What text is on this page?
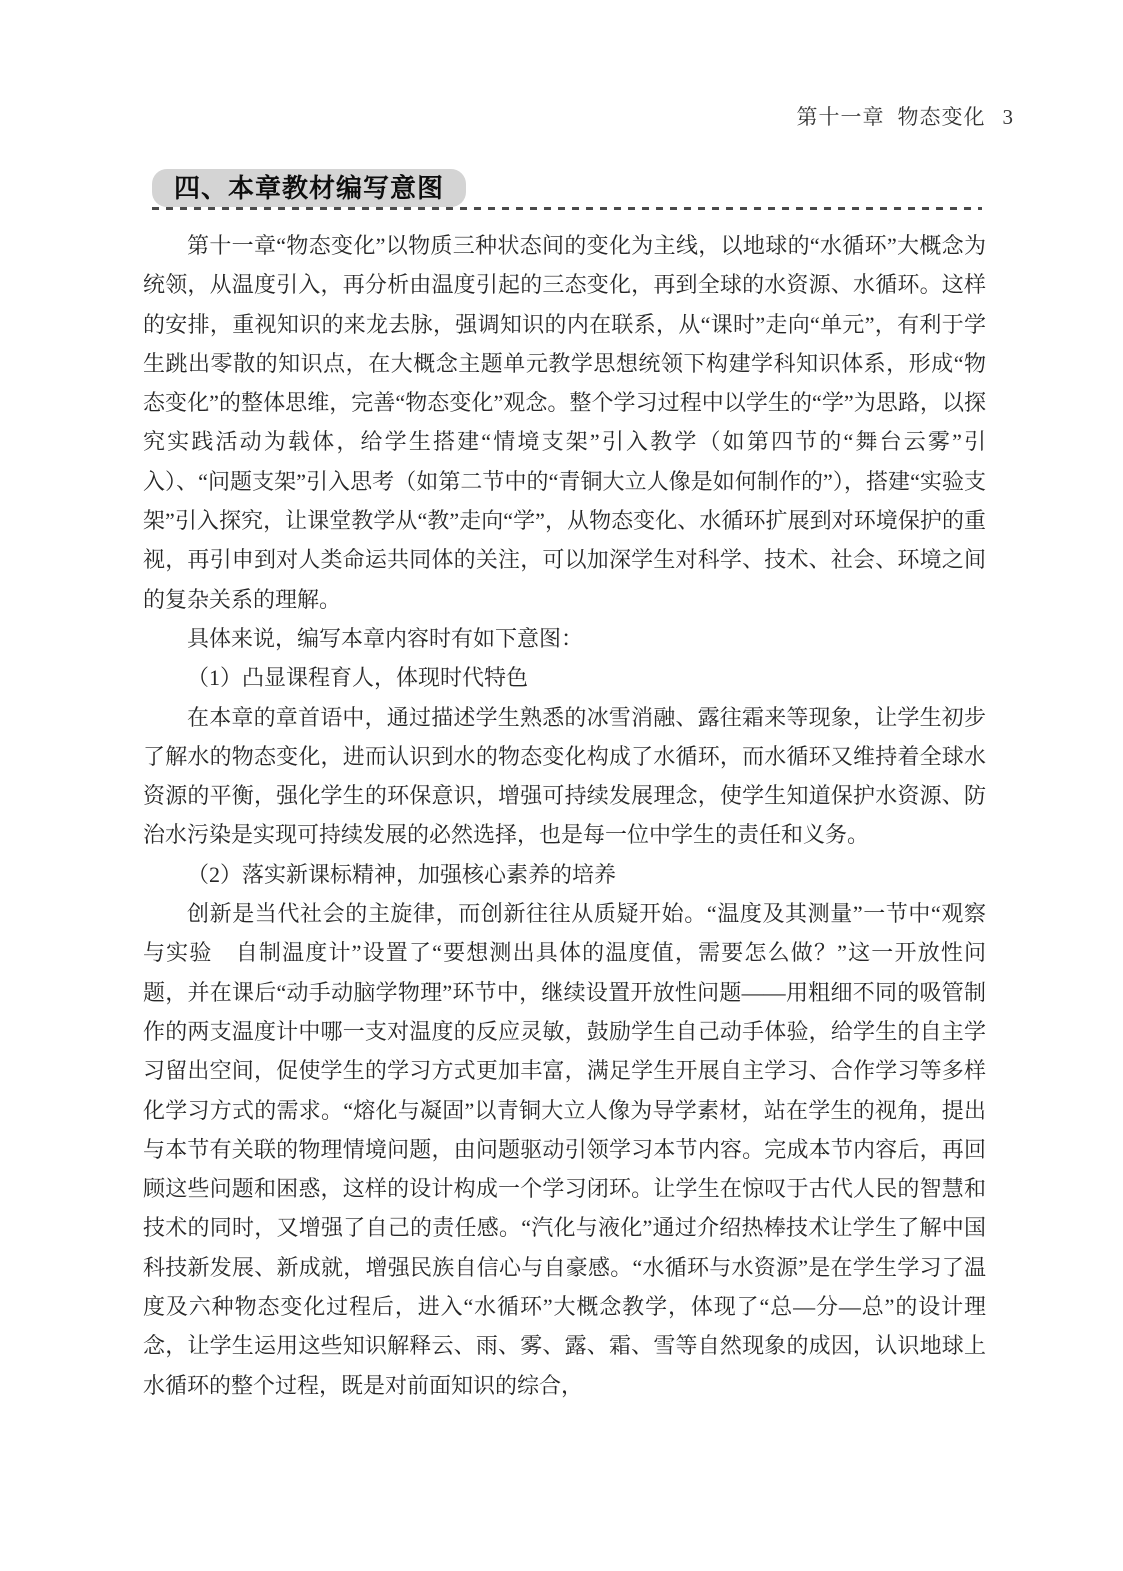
第十一章 物态变化 3
四、本章教材编写意图

第十一章“物态变化”以物质三种状态间的变化为主线，以地球的“水循环”大概念为统领，从温度引入，再分析由温度引起的三态变化，再到全球的水资源、水循环。这样的安排，重视知识的来龙去脉，强调知识的内在联系，从“课时”走向“单元”，有利于学生跳出零散的知识点，在大概念主题单元教学思想统领下构建学科知识体系，形成“物态变化”的整体思维，完善“物态变化”观念。整个学习过程中以学生的“学”为思路，以探究实践活动为载体，给学生搭建“情境支架”引入教学（如第四节的“舞台云雾”引入）、“问题支架”引入思考（如第二节中的“青铜大立人像是如何制作的”），搭建“实验支架”引入探究，让课堂教学从“教”走向“学”，从物态变化、水循环扩展到对环境保护的重视，再引申到对人类命运共同体的关注，可以加深学生对科学、技术、社会、环境之间的复杂关系的理解。

具体来说，编写本章内容时有如下意图：

（1）凸显课程育人，体现时代特色

在本章的章首语中，通过描述学生熟悉的冰雪消融、露往霜来等现象，让学生初步了解水的物态变化，进而认识到水的物态变化构成了水循环，而水循环又维持着全球水资源的平衡，强化学生的环保意识，增强可持续发展理念，使学生知道保护水资源、防治水污染是实现可持续发展的必然选择，也是每一位中学生的责任和义务。

（2）落实新课标精神，加强核心素养的培养

创新是当代社会的主旋律，而创新往往从质疑开始。“温度及其测量”一节中“观察与实验　自制温度计”设置了“要想测出具体的温度值，需要怎么做？”这一开放性问题，并在课后“动手动脑学物理”环节中，继续设置开放性问题——用粗细不同的吸管制作的两支温度计中哪一支对温度的反应灵敏，鼓励学生自己动手体验，给学生的自主学习留出空间，促使学生的学习方式更加丰富，满足学生开展自主学习、合作学习等多样化学习方式的需求。“熔化与凝固”以青铜大立人像为导学素材，站在学生的视角，提出与本节有关联的物理情境问题，由问题驱动引领学习本节内容。完成本节内容后，再回顾这些问题和困惑，这样的设计构成一个学习闭环。让学生在惊叹于古代人民的智慧和技术的同时，又增强了自己的责任感。“汽化与液化”通过介绍热棒技术让学生了解中国科技新发展、新成就，增强民族自信心与自豪感。“水循环与水资源”是在学生学习了温度及六种物态变化过程后，进入“水循环”大概念教学，体现了“总—分—总”的设计理念，让学生运用这些知识解释云、雨、雾、露、霜、雪等自然现象的成因，认识地球上水循环的整个过程，既是对前面知识的综合，
